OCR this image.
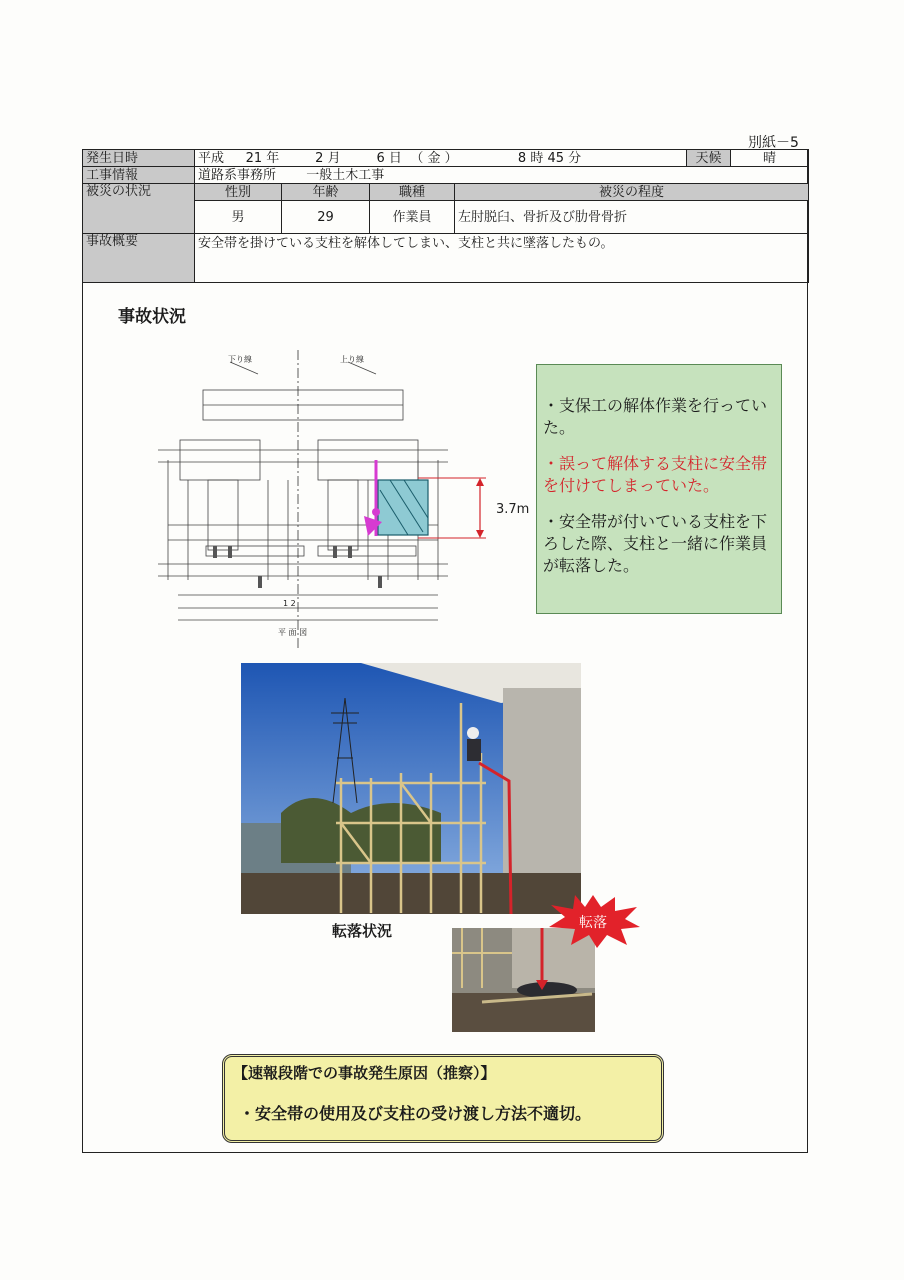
別紙－5
発生日時	平成 21 年 2 月 6 日 （ 金 ） 8 時 45 分				天候	晴
工事情報	道路系事務所 一般土木工事					
被災の状況	性別	年齢	職種	被災の程度		
	男	29	作業員	左肘脱臼、骨折及び肋骨骨折		
事故概要	安全帯を掛けている支柱を解体してしまい、支柱と共に墜落したもの。					
事故状況
3.7m
下り線	上り線
1 2
平 面 図

・支保工の解体作業を行っていた。

・誤って解体する支柱に安全帯を付けてしまっていた。

・安全帯が付いている支柱を下ろした際、支柱と一緒に作業員が転落した。

転落状況	転落
【速報段階での事故発生原因（推察）】
・安全帯の使用及び支柱の受け渡し方法不適切。
